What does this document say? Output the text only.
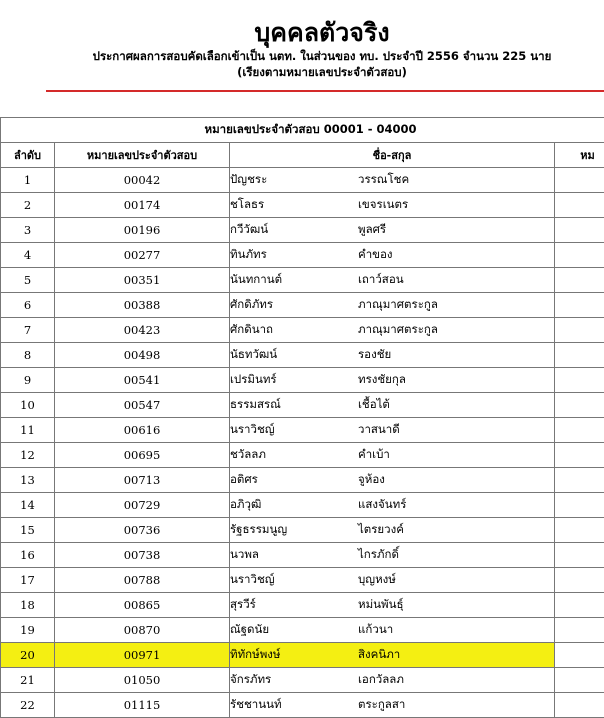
บุคคลตัวจริง
ประกาศผลการสอบคัดเลือกเข้าเป็น นตท. ในส่วนของ ทบ. ประจำปี 2556 จำนวน 225 นาย
(เรียงตามหมายเลขประจำตัวสอบ)
หมายเลขประจำตัวสอบ 00001 - 04000			
ลำดับ	หมายเลขประจำตัวสอบ	ชื่อ-สกุล	หม
1	00042	ปัญชระ วรรณโชค	
2	00174	ชโลธร เขจรเนตร	
3	00196	กวีวัฒน์ พูลศรี	
4	00277	ทินภัทร คำของ	
5	00351	นันทกานต์ เถาว์สอน	
6	00388	ศักดิภัทร ภาณุมาศตระกูล	
7	00423	ศักดินาถ ภาณุมาศตระกูล	
8	00498	นัธทวัฒน์ รองชัย	
9	00541	เปรมินทร์ ทรงชัยกุล	
10	00547	ธรรมสรณ์ เชื้อไต้	
11	00616	นราวิชญ์ วาสนาดี	
12	00695	ชวัลลภ คำเบ้า	
13	00713	อติศร จูห้อง	
14	00729	อภิวุฒิ แสงจันทร์	
15	00736	รัฐธรรมนูญ ไตรยวงค์	
16	00738	นวพล ไกรภักดิ์	
17	00788	นราวิชญ์ บุญหงษ์	
18	00865	สุรวีร์ หม่นพันธุ์	
19	00870	ณัฐดนัย แก้วนา	
20	00971	ทิทักษ์พงษ์ สิงคนิภา	
21	01050	จักรภัทร เอกวัลลภ	
22	01115	รัชชานนท์ ตระกูลสา	
